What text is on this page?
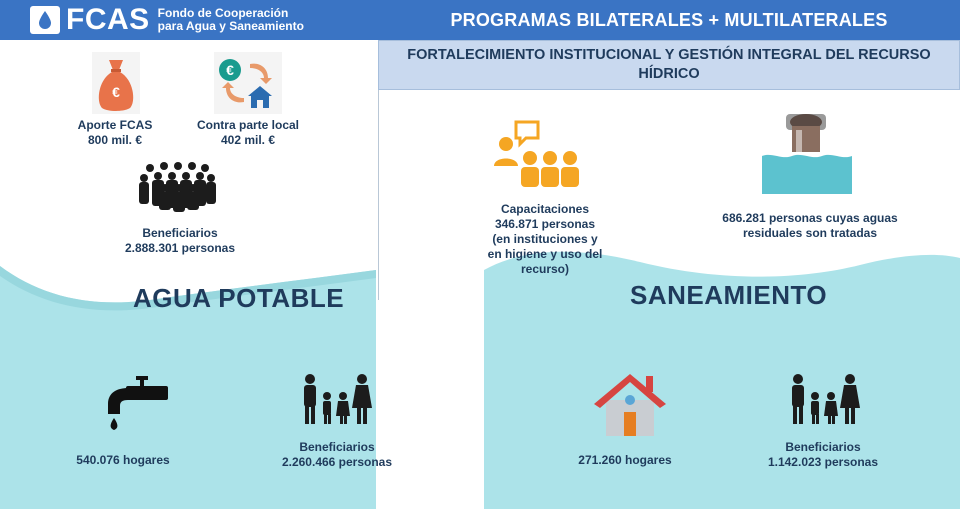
FCAS Fondo de Cooperación
para Agua y Saneamiento	PROGRAMAS BILATERALES + MULTILATERALES
FORTALECIMIENTO INSTITUCIONAL Y GESTIÓN INTEGRAL DEL RECURSO
HÍDRICO
€
€
Aporte FCAS
800 mil. €
Contra parte local
402 mil. €
Beneficiarios
2.888.301 personas
Capacitaciones
346.871 personas
(en instituciones y
en higiene y uso del
recurso)
686.281 personas cuyas aguas
residuales son tratadas
AGUA POTABLE	SANEAMIENTO
540.076 hogares
Beneficiarios
2.260.466 personas	271.260 hogares
Beneficiarios
1.142.023 personas
